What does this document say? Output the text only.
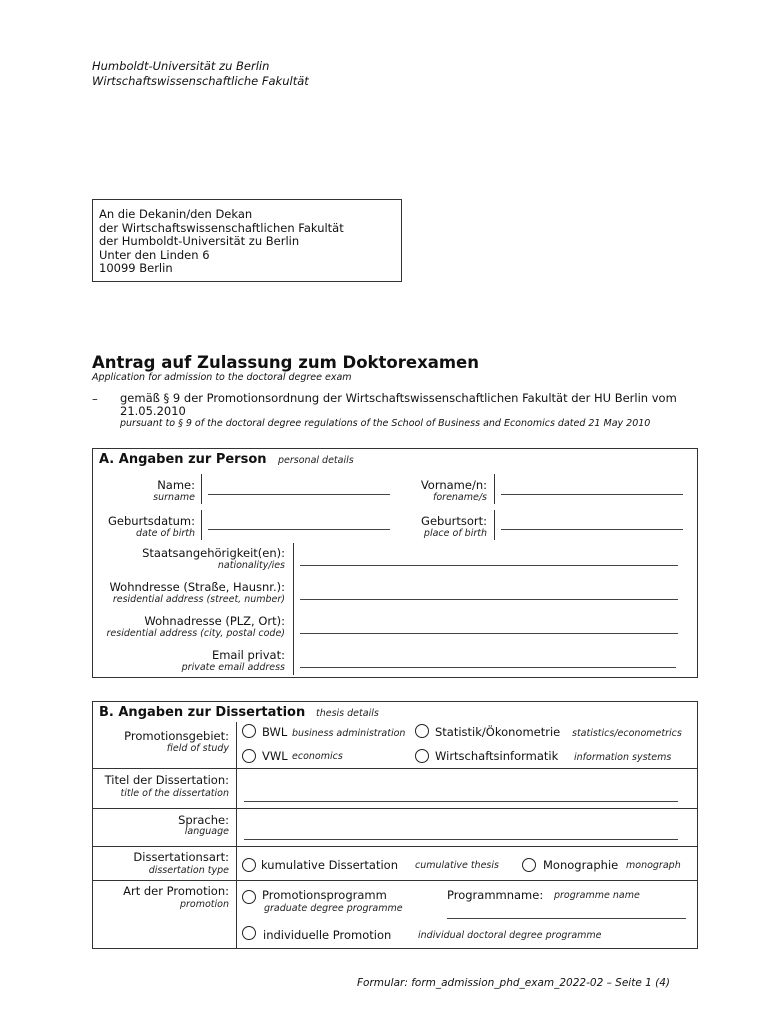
Humboldt-Universität zu Berlin
Wirtschaftswissenschaftliche Fakultät
An die Dekanin/den Dekan
der Wirtschaftswissenschaftlichen Fakultät
der Humboldt-Universität zu Berlin
Unter den Linden 6
10099 Berlin
Antrag auf Zulassung zum Doktorexamen
Application for admission to the doctoral degree exam
– gemäß § 9 der Promotionsordnung der Wirtschaftswissenschaftlichen Fakultät der HU Berlin vom 21.05.2010
pursuant to § 9 of the doctoral degree regulations of the School of Business and Economics dated 21 May 2010
A. Angaben zur Person personal details
Name:
surname
Vorname/n:
forename/s
Geburtsdatum:
date of birth
Geburtsort:
place of birth
Staatsangehörigkeit(en):
nationality/ies
Wohndresse (Straße, Hausnr.):
residential address (street, number)
Wohnadresse (PLZ, Ort):
residential address (city, postal code)
Email privat:
private email address
B. Angaben zur Dissertation thesis details
Promotionsgebiet:
field of study
BWL business administration	Statistik/Ökonometrie statistics/econometrics
VWL economics	Wirtschaftsinformatik information systems
Titel der Dissertation:
title of the dissertation
Sprache:
language
Dissertationsart:
dissertation type	kumulative Dissertation cumulative thesis	Monographie monograph
Art der Promotion:
promotion
Promotionsprogramm
graduate degree programme
Programmname: programme name
individuelle Promotion	individual doctoral degree programme
Formular: form_admission_phd_exam_2022-02 – Seite 1 (4)
